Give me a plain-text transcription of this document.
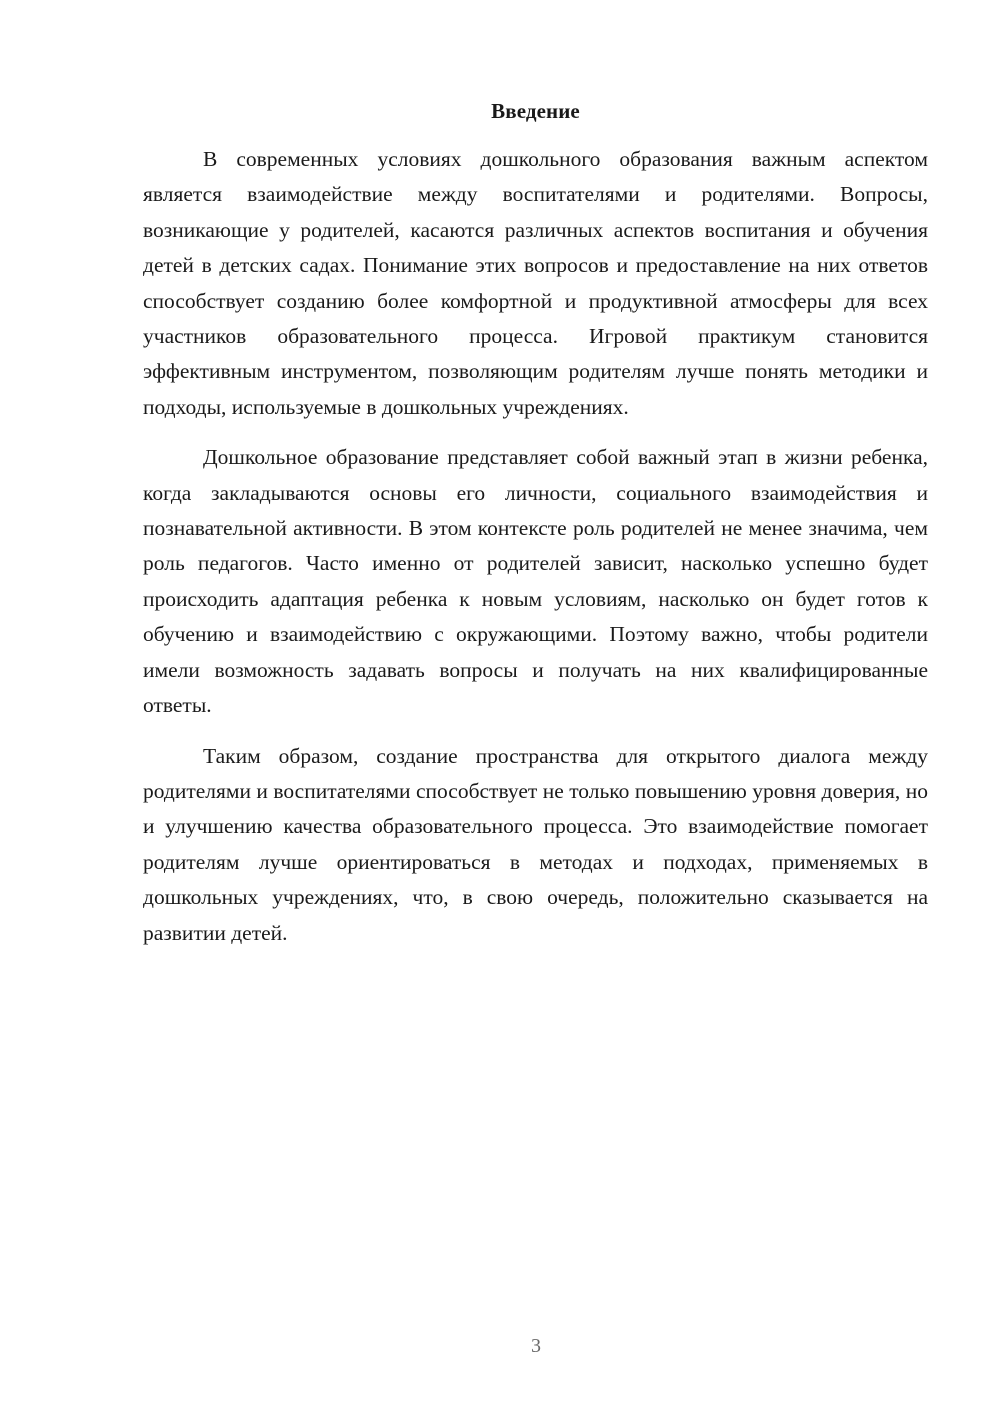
Введение

В современных условиях дошкольного образования важным аспектом является взаимодействие между воспитателями и родителями. Вопросы, возникающие у родителей, касаются различных аспектов воспитания и обучения детей в детских садах. Понимание этих вопросов и предоставление на них ответов способствует созданию более комфортной и продуктивной атмосферы для всех участников образовательного процесса. Игровой практикум становится эффективным инструментом, позволяющим родителям лучше понять методики и подходы, используемые в дошкольных учреждениях.

Дошкольное образование представляет собой важный этап в жизни ребенка, когда закладываются основы его личности, социального взаимодействия и познавательной активности. В этом контексте роль родителей не менее значима, чем роль педагогов. Часто именно от родителей зависит, насколько успешно будет происходить адаптация ребенка к новым условиям, насколько он будет готов к обучению и взаимодействию с окружающими. Поэтому важно, чтобы родители имели возможность задавать вопросы и получать на них квалифицированные ответы.

Таким образом, создание пространства для открытого диалога между родителями и воспитателями способствует не только повышению уровня доверия, но и улучшению качества образовательного процесса. Это взаимодействие помогает родителям лучше ориентироваться в методах и подходах, применяемых в дошкольных учреждениях, что, в свою очередь, положительно сказывается на развитии детей.

3
